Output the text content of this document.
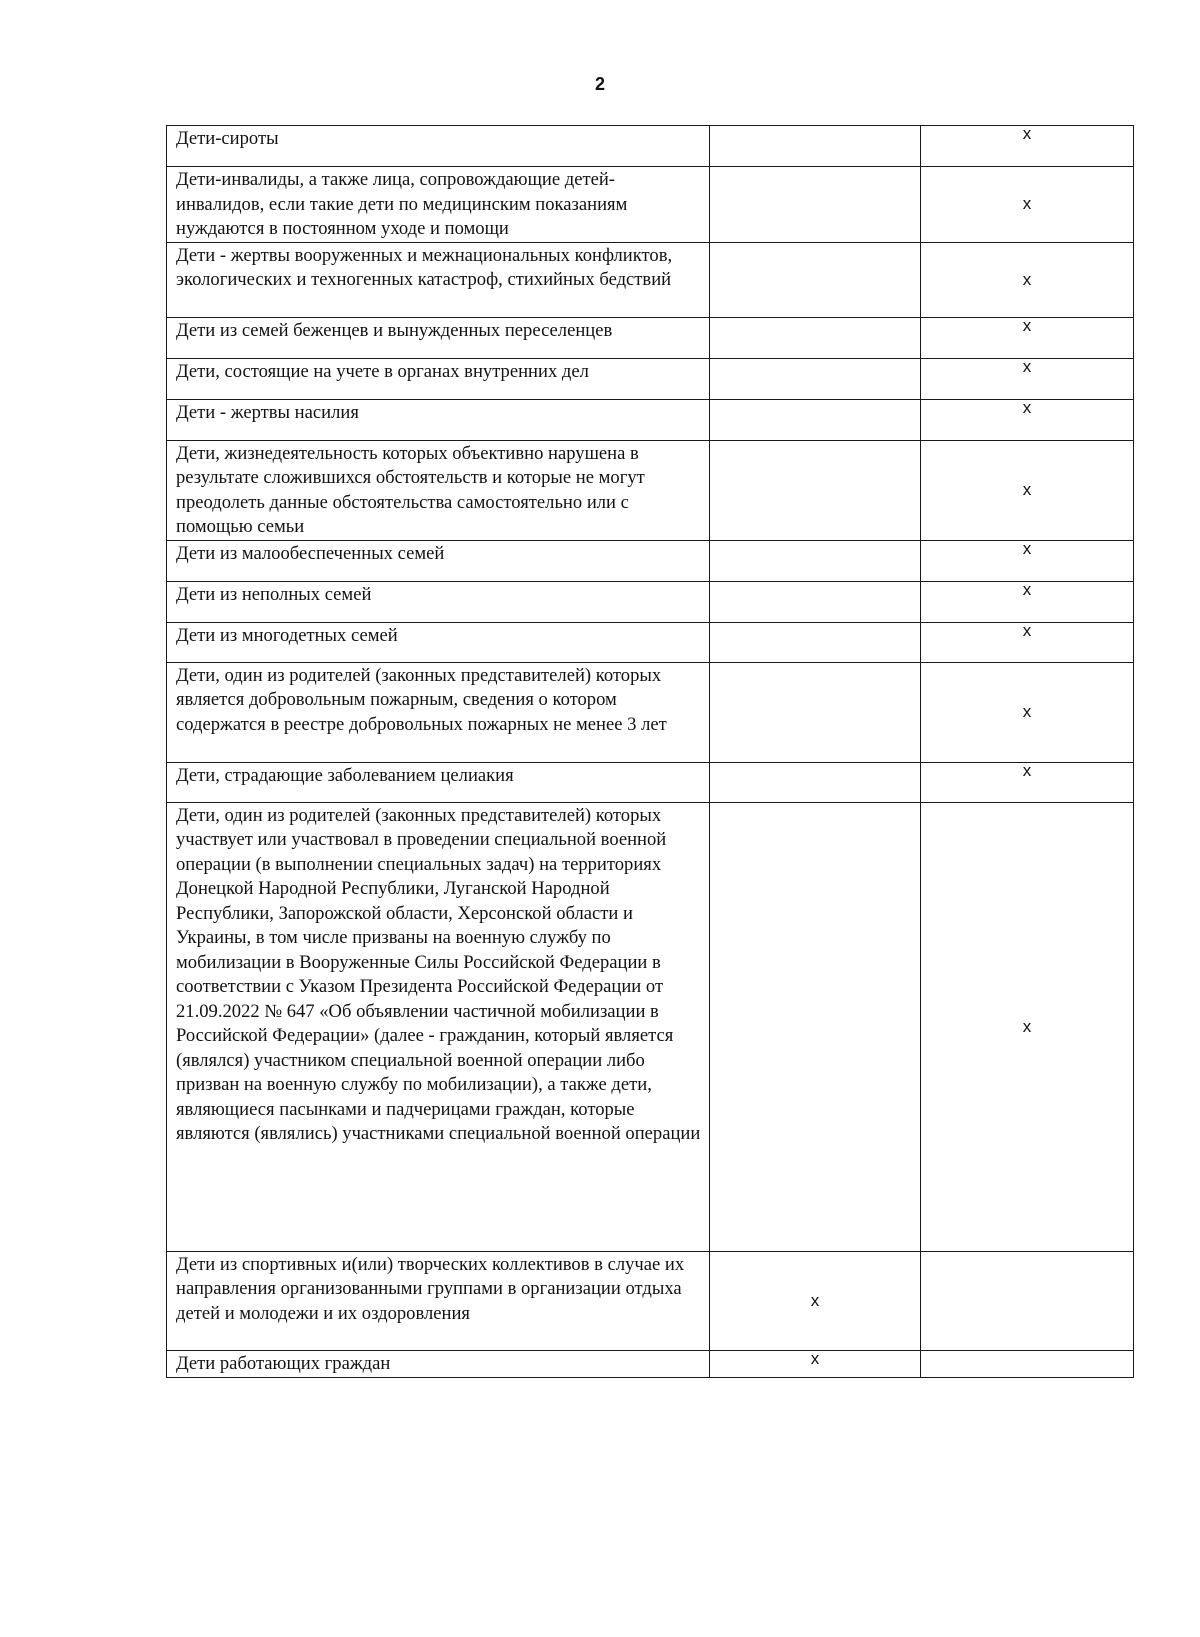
2
Дети-сироты		x
Дети-инвалиды, а также лица, сопровождающие детей-инвалидов, если такие дети по медицинским показаниям нуждаются в постоянном уходе и помощи		x
Дети - жертвы вооруженных и межнациональных конфликтов, экологических и техногенных катастроф, стихийных бедствий		x
Дети из семей беженцев и вынужденных переселенцев		x
Дети, состоящие на учете в органах внутренних дел		x
Дети - жертвы насилия		x
Дети, жизнедеятельность которых объективно нарушена в результате сложившихся обстоятельств и которые не могут преодолеть данные обстоятельства самостоятельно или с помощью семьи		x
Дети из малообеспеченных семей		x
Дети из неполных семей		x
Дети из многодетных семей		x
Дети, один из родителей (законных представителей) которых является добровольным пожарным, сведения о котором содержатся в реестре добровольных пожарных не менее 3 лет		x
Дети, страдающие заболеванием целиакия		x
Дети, один из родителей (законных представителей) которых участвует или участвовал в проведении специальной военной операции (в выполнении специальных задач) на территориях Донецкой Народной Республики, Луганской Народной Республики, Запорожской области, Херсонской области и Украины, в том числе призваны на военную службу по мобилизации в Вооруженные Силы Российской Федерации в соответствии с Указом Президента Российской Федерации от 21.09.2022 № 647 «Об объявлении частичной мобилизации в Российской Федерации» (далее - гражданин, который является (являлся) участником специальной военной операции либо призван на военную службу по мобилизации), а также дети, являющиеся пасынками и падчерицами граждан, которые являются (являлись) участниками специальной военной операции		x
Дети из спортивных и(или) творческих коллективов в случае их направления организованными группами в организации отдыха детей и молодежи и их оздоровления	x	
Дети работающих граждан	x	
